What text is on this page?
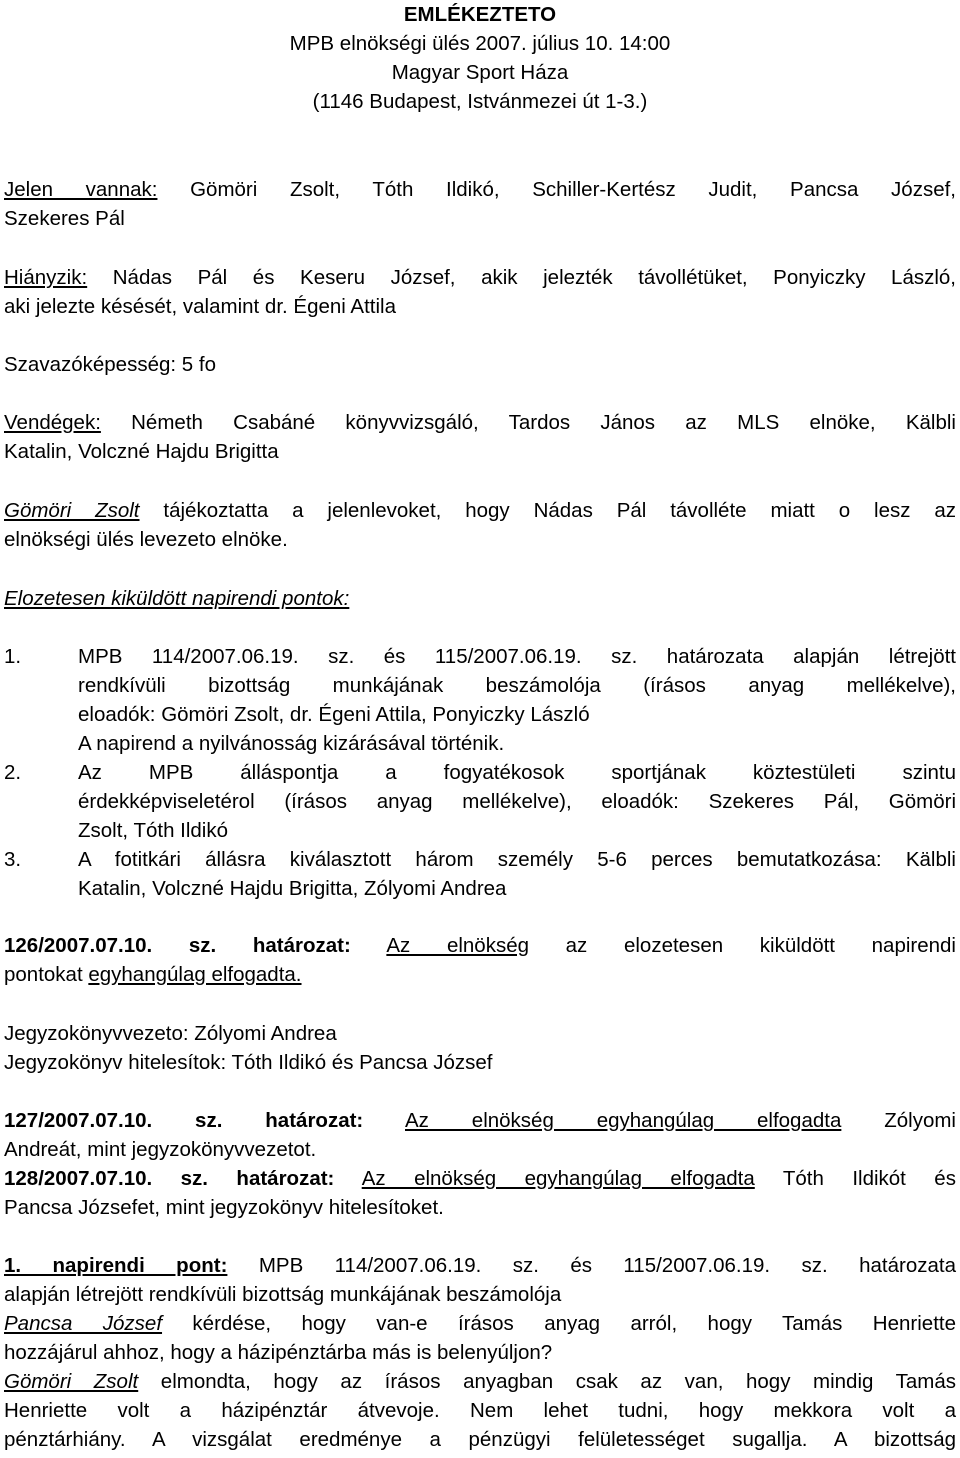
EMLÉKEZTETO
MPB elnökségi ülés 2007. július 10. 14:00
Magyar Sport Háza
(1146 Budapest, Istvánmezei út 1-3.)
Jelen vannak: Gömöri Zsolt, Tóth Ildikó, Schiller-Kertész Judit, Pancsa József,
Szekeres Pál
Hiányzik: Nádas Pál és Keseru József, akik jelezték távollétüket, Ponyiczky László,
aki jelezte késését, valamint dr. Égeni Attila
Szavazóképesség: 5 fo
Vendégek: Németh Csabáné könyvvizsgáló, Tardos János az MLS elnöke, Kälbli
Katalin, Volczné Hajdu Brigitta
Gömöri Zsolt tájékoztatta a jelenlevoket, hogy Nádas Pál távolléte miatt o lesz az
elnökségi ülés levezeto elnöke.
Elozetesen kiküldött napirendi pontok:
1.	MPB 114/2007.06.19. sz. és 115/2007.06.19. sz. határozata alapján létrejött
rendkívüli bizottság munkájának beszámolója (írásos anyag mellékelve),
eloadók: Gömöri Zsolt, dr. Égeni Attila, Ponyiczky László
A napirend a nyilvánosság kizárásával történik.
2.	Az MPB álláspontja a fogyatékosok sportjának köztestületi szintu
érdekképviseletérol (írásos anyag mellékelve), eloadók: Szekeres Pál, Gömöri
Zsolt, Tóth Ildikó
3.	A fotitkári állásra kiválasztott három személy 5-6 perces bemutatkozása: Kälbli
Katalin, Volczné Hajdu Brigitta, Zólyomi Andrea
126/2007.07.10. sz. határozat: Az elnökség az elozetesen kiküldött napirendi
pontokat egyhangúlag elfogadta.
Jegyzokönyvvezeto: Zólyomi Andrea
Jegyzokönyv hitelesítok: Tóth Ildikó és Pancsa József
127/2007.07.10. sz. határozat: Az elnökség egyhangúlag elfogadta Zólyomi
Andreát, mint jegyzokönyvvezetot.
128/2007.07.10. sz. határozat: Az elnökség egyhangúlag elfogadta Tóth Ildikót és
Pancsa Józsefet, mint jegyzokönyv hitelesítoket.
1. napirendi pont: MPB 114/2007.06.19. sz. és 115/2007.06.19. sz. határozata
alapján létrejött rendkívüli bizottság munkájának beszámolója
Pancsa József kérdése, hogy van-e írásos anyag arról, hogy Tamás Henriette
hozzájárul ahhoz, hogy a házipénztárba más is belenyúljon?
Gömöri Zsolt elmondta, hogy az írásos anyagban csak az van, hogy mindig Tamás
Henriette volt a házipénztár átvevoje. Nem lehet tudni, hogy mekkora volt a
pénztárhiány. A vizsgálat eredménye a pénzügyi felületességet sugallja. A bizottság
